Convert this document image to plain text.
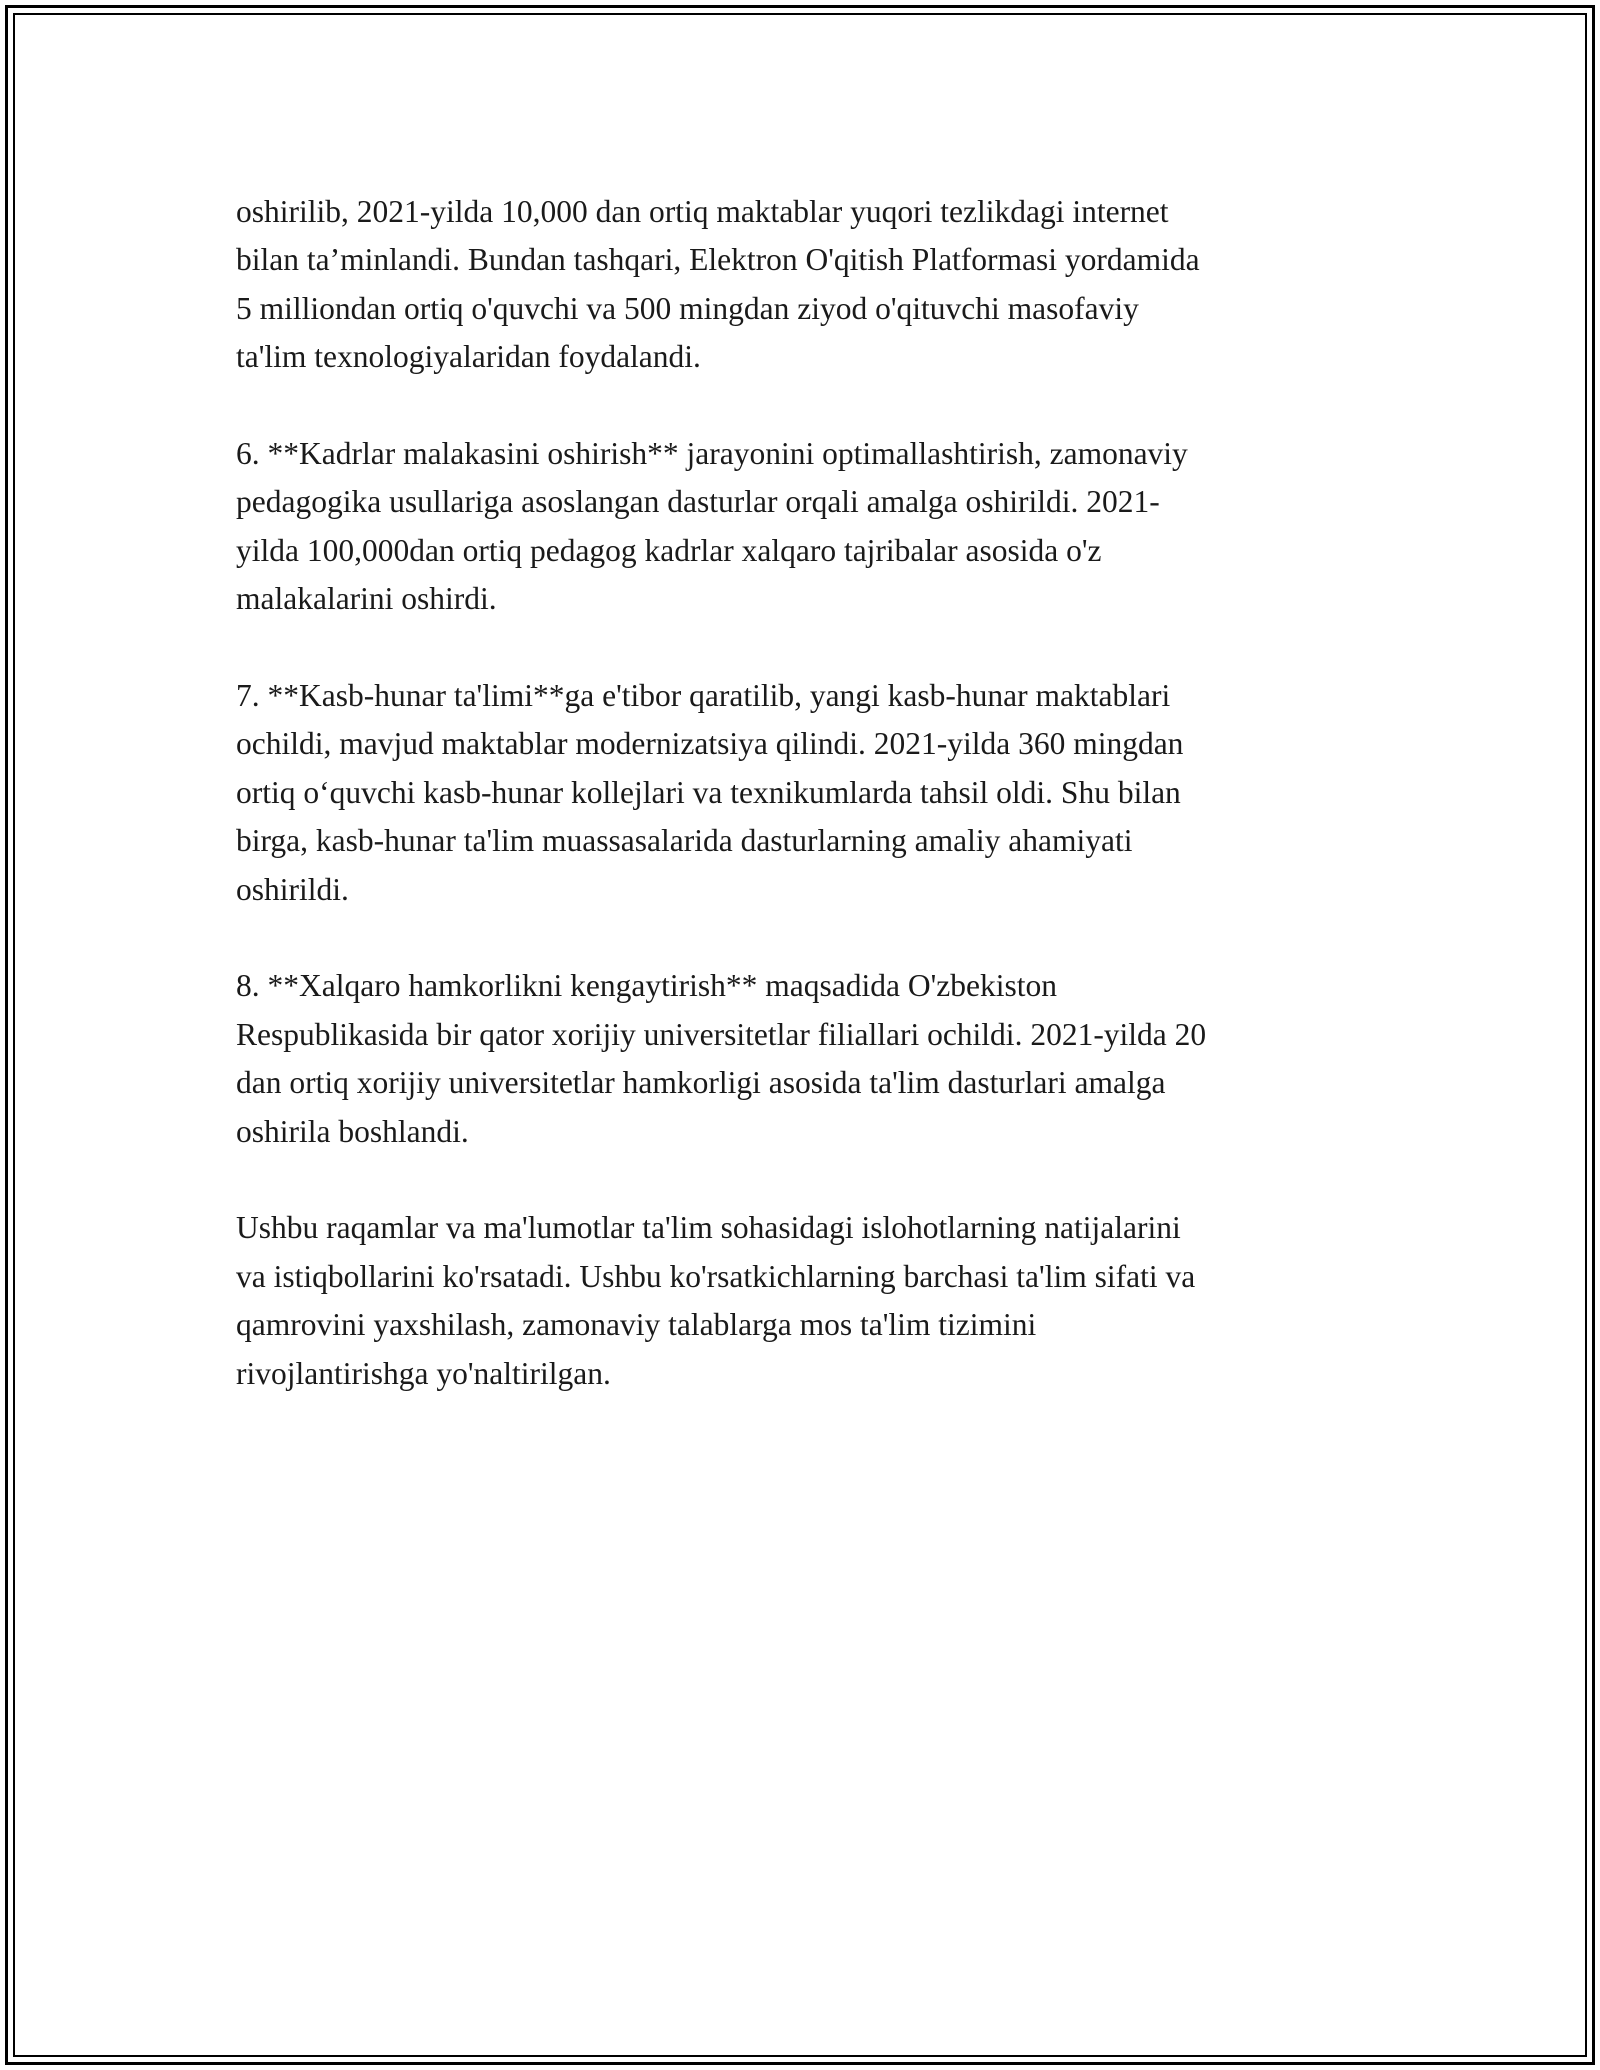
oshirilib, 2021-yilda 10,000 dan ortiq maktablar yuqori tezlikdagi internet
bilan ta’minlandi. Bundan tashqari, Elektron O'qitish Platformasi yordamida
5 milliondan ortiq o'quvchi va 500 mingdan ziyod o'qituvchi masofaviy
ta'lim texnologiyalaridan foydalandi.

6. **Kadrlar malakasini oshirish** jarayonini optimallashtirish, zamonaviy
pedagogika usullariga asoslangan dasturlar orqali amalga oshirildi. 2021-
yilda 100,000dan ortiq pedagog kadrlar xalqaro tajribalar asosida o'z
malakalarini oshirdi.

7. **Kasb-hunar ta'limi**ga e'tibor qaratilib, yangi kasb-hunar maktablari
ochildi, mavjud maktablar modernizatsiya qilindi. 2021-yilda 360 mingdan
ortiq o‘quvchi kasb-hunar kollejlari va texnikumlarda tahsil oldi. Shu bilan
birga, kasb-hunar ta'lim muassasalarida dasturlarning amaliy ahamiyati
oshirildi.

8. **Xalqaro hamkorlikni kengaytirish** maqsadida O'zbekiston
Respublikasida bir qator xorijiy universitetlar filiallari ochildi. 2021-yilda 20
dan ortiq xorijiy universitetlar hamkorligi asosida ta'lim dasturlari amalga
oshirila boshlandi.

Ushbu raqamlar va ma'lumotlar ta'lim sohasidagi islohotlarning natijalarini
va istiqbollarini ko'rsatadi. Ushbu ko'rsatkichlarning barchasi ta'lim sifati va
qamrovini yaxshilash, zamonaviy talablarga mos ta'lim tizimini
rivojlantirishga yo'naltirilgan.
